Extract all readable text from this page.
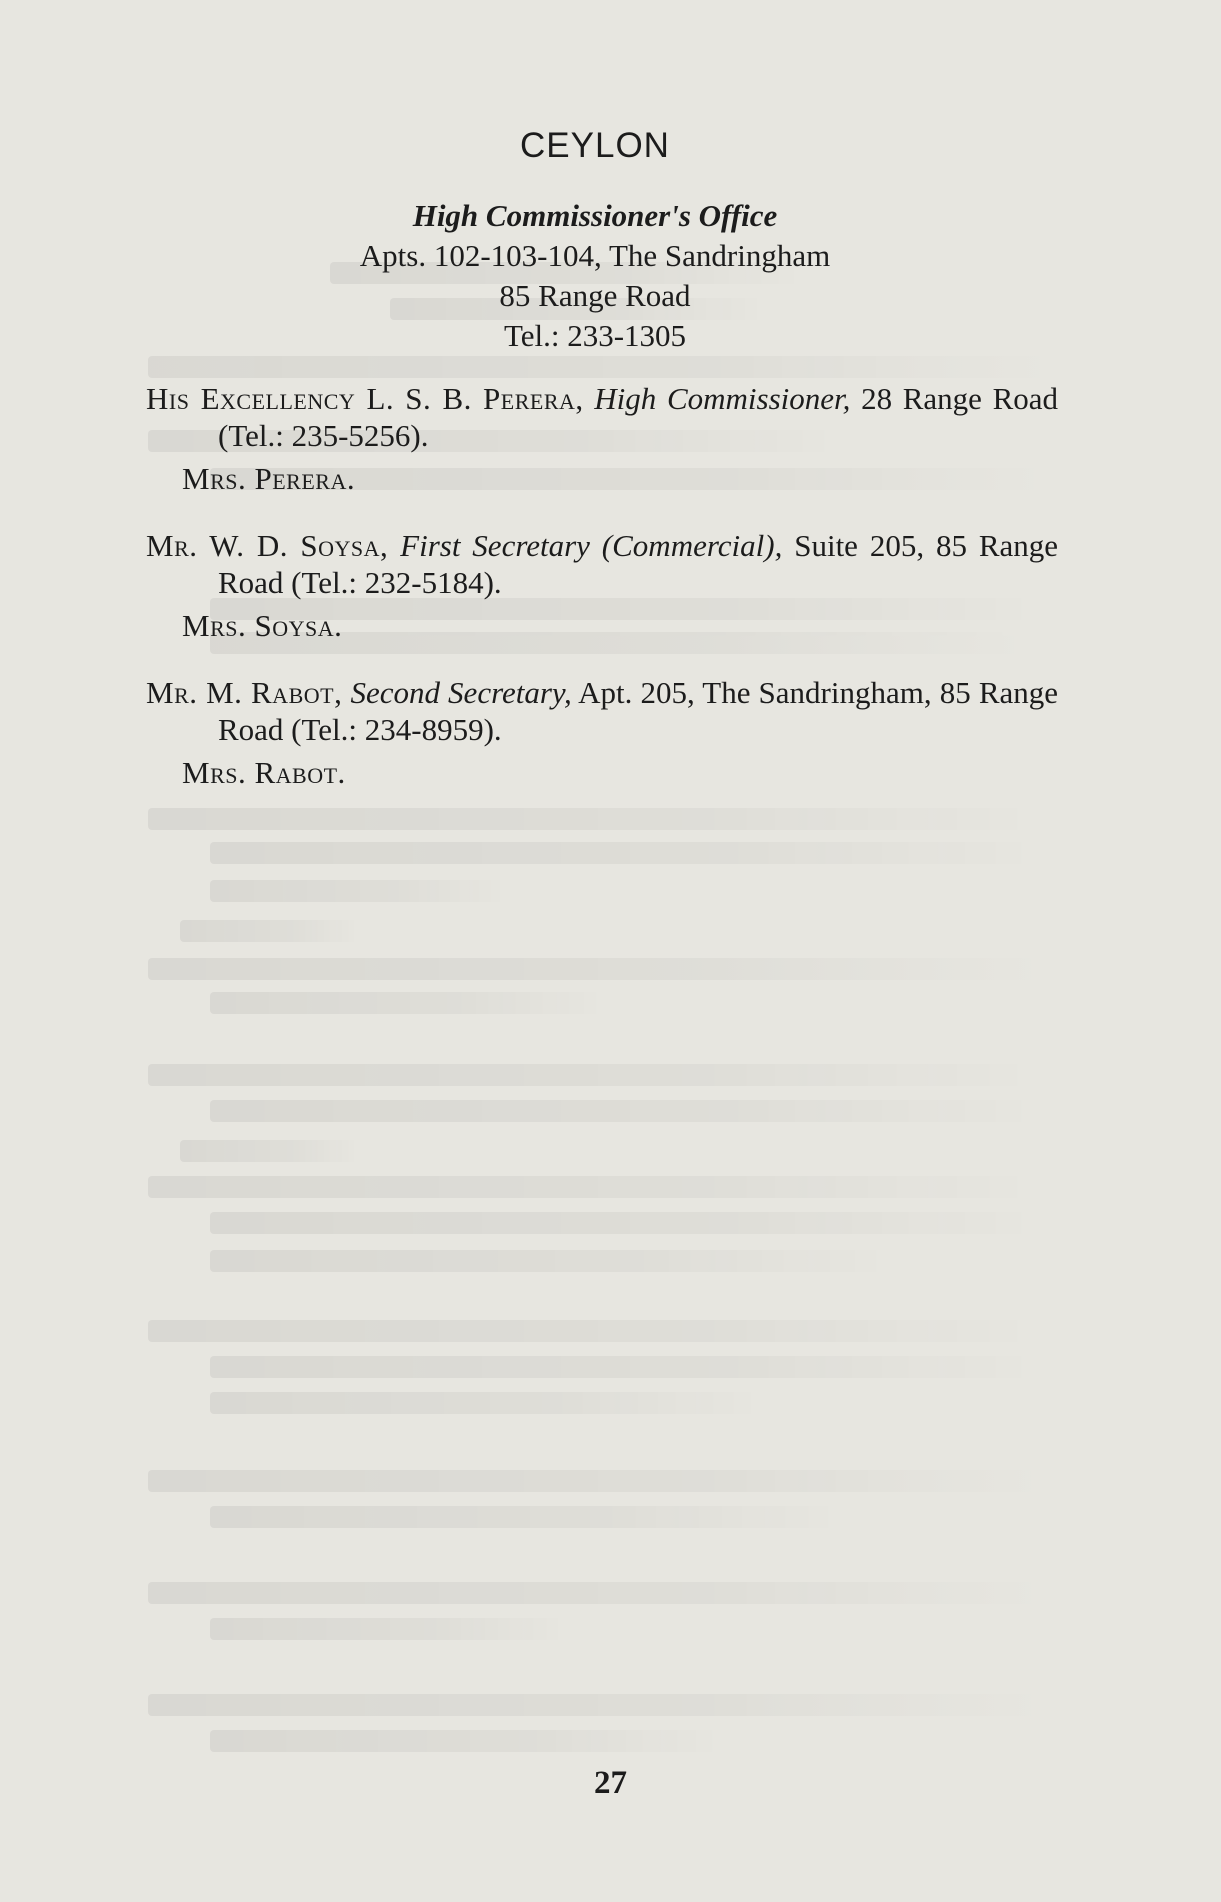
CEYLON
High Commissioner's Office
Apts. 102-103-104, The Sandringham
85 Range Road
Tel.: 233-1305
His Excellency L. S. B. Perera, High Commissioner, 28 Range Road (Tel.: 235-5256).
Mrs. Perera.
Mr. W. D. Soysa, First Secretary (Commercial), Suite 205, 85 Range Road (Tel.: 232-5184).
Mrs. Soysa.
Mr. M. Rabot, Second Secretary, Apt. 205, The Sandringham, 85 Range Road (Tel.: 234-8959).
Mrs. Rabot.
27
